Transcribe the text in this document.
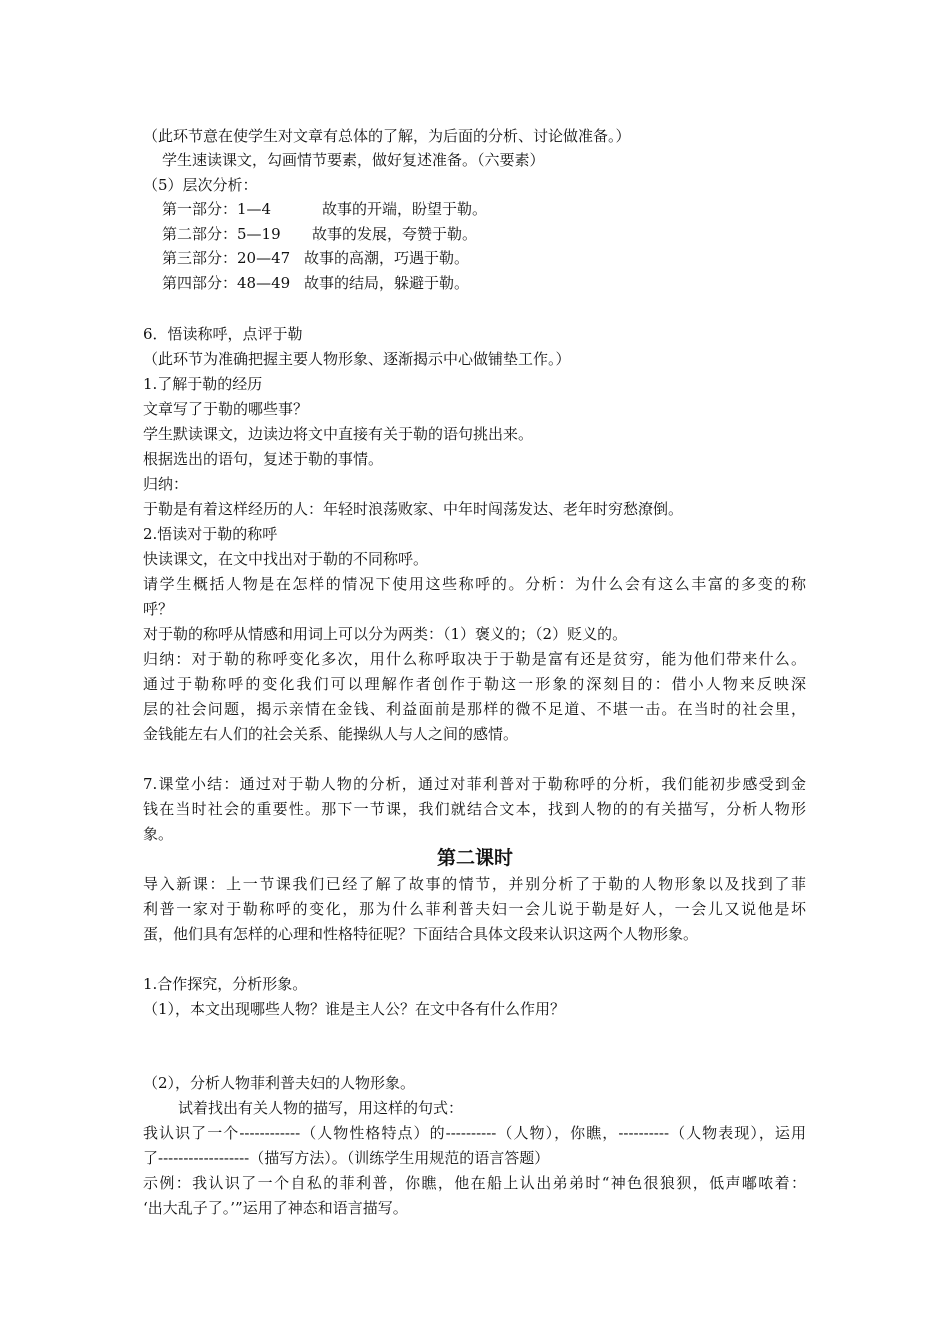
（此环节意在使学生对文章有总体的了解，为后面的分析、讨论做准备。）
学生速读课文，勾画情节要素，做好复述准备。（六要素）
（5）层次分析：
第一部分：1—4	故事的开端，盼望于勒。
第二部分：5—19 故事的发展，夸赞于勒。
第三部分：20—47 故事的高潮，巧遇于勒。
第四部分：48—49 故事的结局，躲避于勒。
6．悟读称呼，点评于勒
（此环节为准确把握主要人物形象、逐渐揭示中心做铺垫工作。）
1.了解于勒的经历
文章写了于勒的哪些事？
学生默读课文，边读边将文中直接有关于勒的语句挑出来。
根据选出的语句，复述于勒的事情。
归纳：
于勒是有着这样经历的人：年轻时浪荡败家、中年时闯荡发达、老年时穷愁潦倒。
2.悟读对于勒的称呼
快读课文，在文中找出对于勒的不同称呼。
请学生概括人物是在怎样的情况下使用这些称呼的。分析：为什么会有这么丰富的多变的称
呼？
对于勒的称呼从情感和用词上可以分为两类：（1）褒义的；（2）贬义的。
归纳：对于勒的称呼变化多次，用什么称呼取决于于勒是富有还是贫穷，能为他们带来什么。
通过于勒称呼的变化我们可以理解作者创作于勒这一形象的深刻目的：借小人物来反映深
层的社会问题，揭示亲情在金钱、利益面前是那样的微不足道、不堪一击。在当时的社会里，
金钱能左右人们的社会关系、能操纵人与人之间的感情。
7.课堂小结：通过对于勒人物的分析，通过对菲利普对于勒称呼的分析，我们能初步感受到金
钱在当时社会的重要性。那下一节课，我们就结合文本，找到人物的的有关描写，分析人物形
象。
第二课时
导入新课：上一节课我们已经了解了故事的情节，并别分析了于勒的人物形象以及找到了菲
利普一家对于勒称呼的变化，那为什么菲利普夫妇一会儿说于勒是好人，一会儿又说他是坏
蛋，他们具有怎样的心理和性格特征呢？下面结合具体文段来认识这两个人物形象。
1.合作探究，分析形象。
（1），本文出现哪些人物？谁是主人公？在文中各有什么作用？
（2），分析人物菲利普夫妇的人物形象。
试着找出有关人物的描写，用这样的句式：
我认识了一个------------（人物性格特点）的----------（人物），你瞧，----------（人物表现），运用
了------------------（描写方法）。（训练学生用规范的语言答题）
示例：我认识了一个自私的菲利普，你瞧，他在船上认出弟弟时“神色很狼狈，低声嘟哝着：
‘出大乱子了。’”运用了神态和语言描写。
